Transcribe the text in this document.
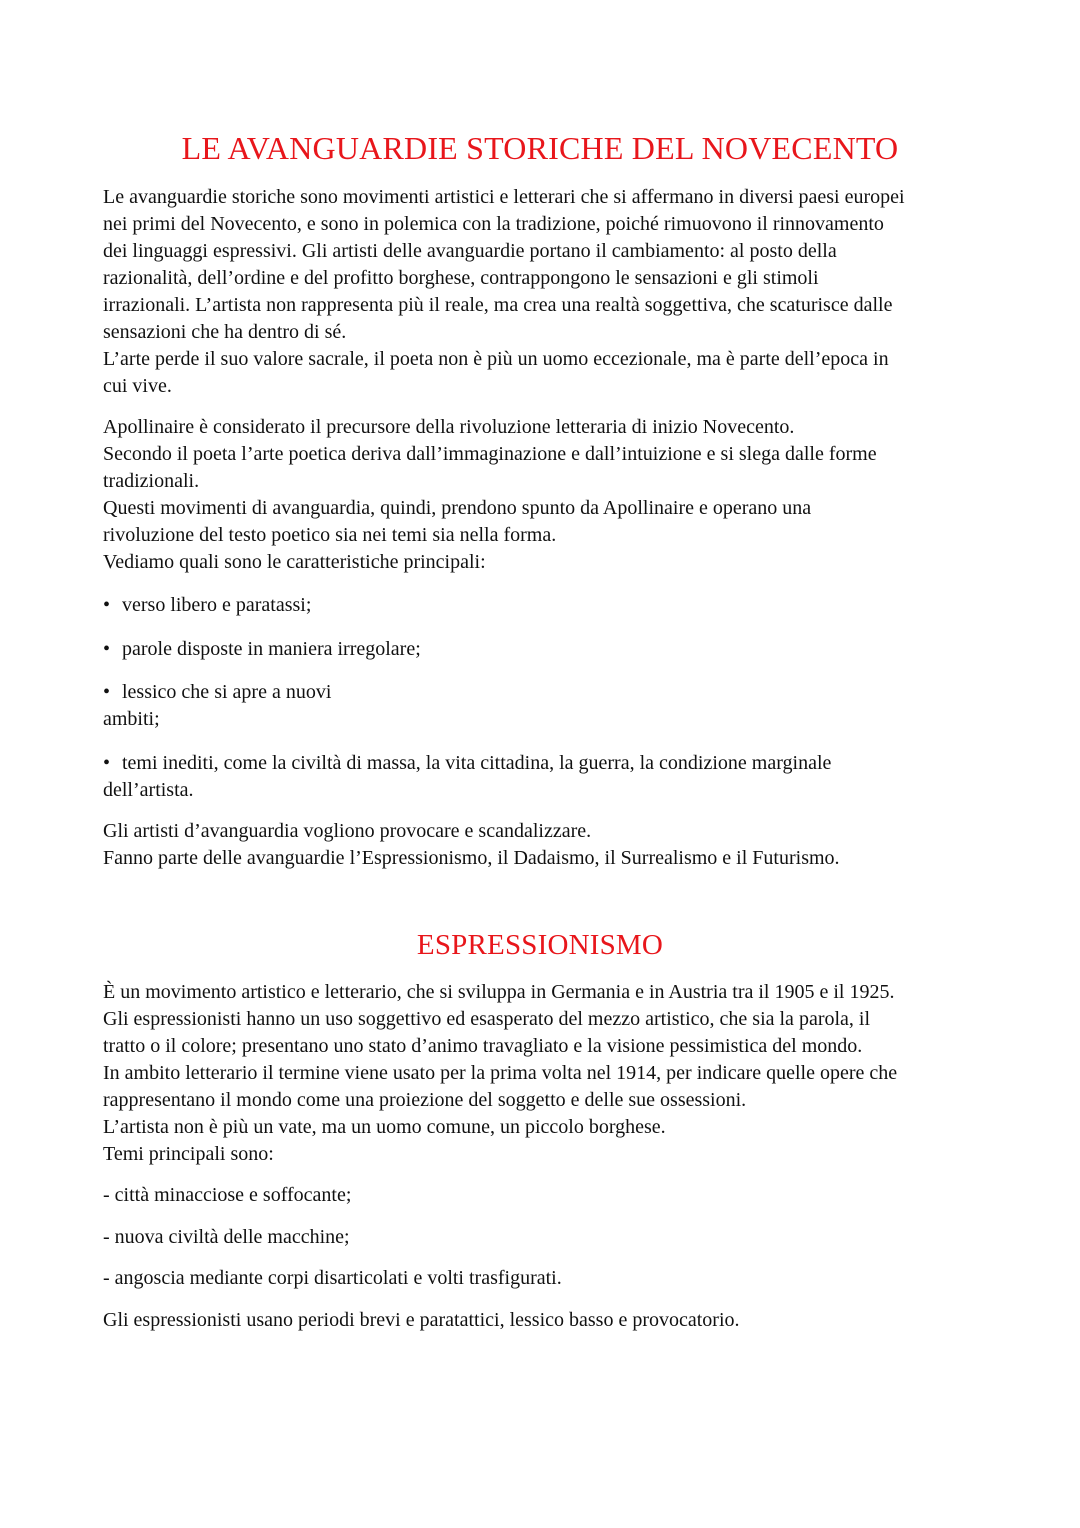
LE AVANGUARDIE STORICHE DEL NOVECENTO
Le avanguardie storiche sono movimenti artistici e letterari che si affermano in diversi paesi europei
nei primi del Novecento, e sono in polemica con la tradizione, poiché rimuovono il rinnovamento
dei linguaggi espressivi. Gli artisti delle avanguardie portano il cambiamento: al posto della
razionalità, dell’ordine e del profitto borghese, contrappongono le sensazioni e gli stimoli
irrazionali. L’artista non rappresenta più il reale, ma crea una realtà soggettiva, che scaturisce dalle
sensazioni che ha dentro di sé.
L’arte perde il suo valore sacrale, il poeta non è più un uomo eccezionale, ma è parte dell’epoca in
cui vive.
Apollinaire è considerato il precursore della rivoluzione letteraria di inizio Novecento.
Secondo il poeta l’arte poetica deriva dall’immaginazione e dall’intuizione e si slega dalle forme
tradizionali.
Questi movimenti di avanguardia, quindi, prendono spunto da Apollinaire e operano una
rivoluzione del testo poetico sia nei temi sia nella forma.
Vediamo quali sono le caratteristiche principali:
• verso libero e paratassi;
• parole disposte in maniera irregolare;
• lessico che si apre a nuovi
ambiti;
• temi inediti, come la civiltà di massa, la vita cittadina, la guerra, la condizione marginale
dell’artista.
Gli artisti d’avanguardia vogliono provocare e scandalizzare.
Fanno parte delle avanguardie l’Espressionismo, il Dadaismo, il Surrealismo e il Futurismo.
ESPRESSIONISMO
È un movimento artistico e letterario, che si sviluppa in Germania e in Austria tra il 1905 e il 1925.
Gli espressionisti hanno un uso soggettivo ed esasperato del mezzo artistico, che sia la parola, il
tratto o il colore; presentano uno stato d’animo travagliato e la visione pessimistica del mondo.
In ambito letterario il termine viene usato per la prima volta nel 1914, per indicare quelle opere che
rappresentano il mondo come una proiezione del soggetto e delle sue ossessioni.
L’artista non è più un vate, ma un uomo comune, un piccolo borghese.
Temi principali sono:
- città minacciose e soffocante;
- nuova civiltà delle macchine;
- angoscia mediante corpi disarticolati e volti trasfigurati.
Gli espressionisti usano periodi brevi e paratattici, lessico basso e provocatorio.
